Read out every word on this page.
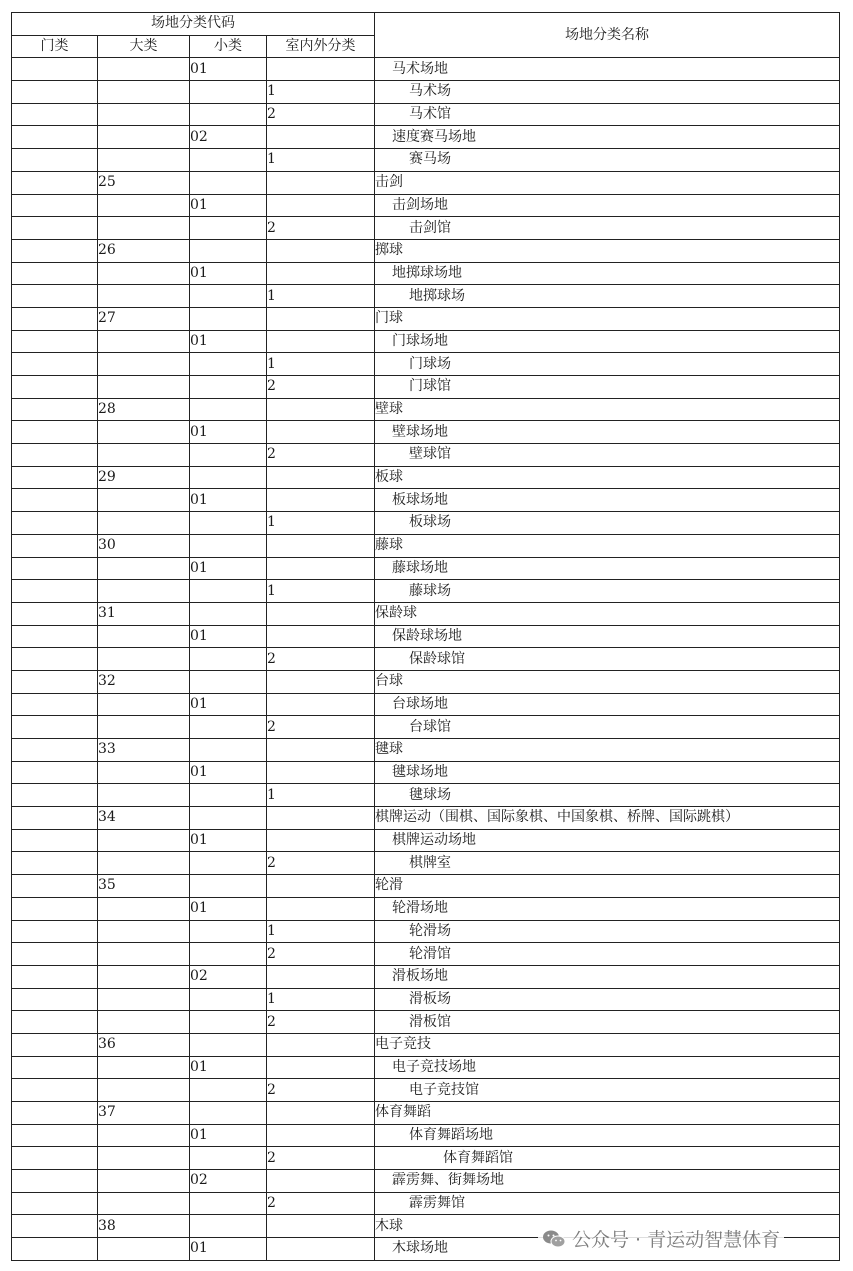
场地分类代码				场地分类名称
门类	大类	小类	室内外分类	
		01		马术场地
			1	马术场
			2	马术馆
		02		速度赛马场地
			1	赛马场
	25			击剑
		01		击剑场地
			2	击剑馆
	26			掷球
		01		地掷球场地
			1	地掷球场
	27			门球
		01		门球场地
			1	门球场
			2	门球馆
	28			壁球
		01		壁球场地
			2	壁球馆
	29			板球
		01		板球场地
			1	板球场
	30			藤球
		01		藤球场地
			1	藤球场
	31			保龄球
		01		保龄球场地
			2	保龄球馆
	32			台球
		01		台球场地
			2	台球馆
	33			毽球
		01		毽球场地
			1	毽球场
	34			棋牌运动（围棋、国际象棋、中国象棋、桥牌、国际跳棋）
		01		棋牌运动场地
			2	棋牌室
	35			轮滑
		01		轮滑场地
			1	轮滑场
			2	轮滑馆
		02		滑板场地
			1	滑板场
			2	滑板馆
	36			电子竞技
		01		电子竞技场地
			2	电子竞技馆
	37			体育舞蹈
		01		体育舞蹈场地
			2	体育舞蹈馆
		02		霹雳舞、街舞场地
			2	霹雳舞馆
	38			木球
		01		木球场地	公众号 · 青运动智慧体育
